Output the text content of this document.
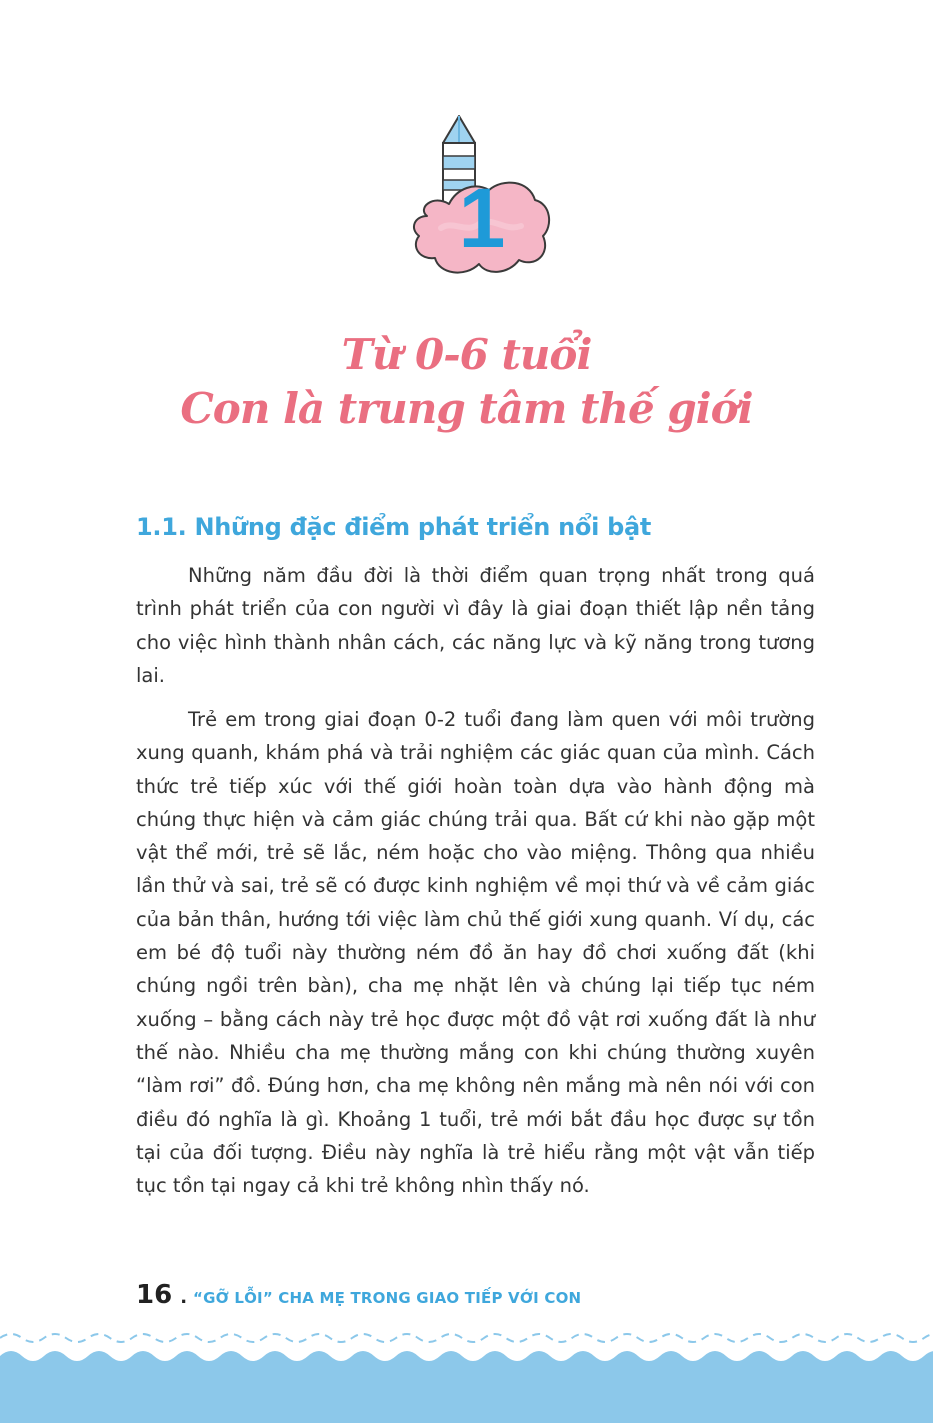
1
Từ 0-6 tuổi
Con là trung tâm thế giới
1.1. Những đặc điểm phát triển nổi bật

Những năm đầu đời là thời điểm quan trọng nhất trong quá trình phát triển của con người vì đây là giai đoạn thiết lập nền tảng cho việc hình thành nhân cách, các năng lực và kỹ năng trong tương lai.

Trẻ em trong giai đoạn 0-2 tuổi đang làm quen với môi trường xung quanh, khám phá và trải nghiệm các giác quan của mình. Cách thức trẻ tiếp xúc với thế giới hoàn toàn dựa vào hành động mà chúng thực hiện và cảm giác chúng trải qua. Bất cứ khi nào gặp một vật thể mới, trẻ sẽ lắc, ném hoặc cho vào miệng. Thông qua nhiều lần thử và sai, trẻ sẽ có được kinh nghiệm về mọi thứ và về cảm giác của bản thân, hướng tới việc làm chủ thế giới xung quanh. Ví dụ, các em bé độ tuổi này thường ném đồ ăn hay đồ chơi xuống đất (khi chúng ngồi trên bàn), cha mẹ nhặt lên và chúng lại tiếp tục ném xuống – bằng cách này trẻ học được một đồ vật rơi xuống đất là như thế nào. Nhiều cha mẹ thường mắng con khi chúng thường xuyên “làm rơi” đồ. Đúng hơn, cha mẹ không nên mắng mà nên nói với con điều đó nghĩa là gì. Khoảng 1 tuổi, trẻ mới bắt đầu học được sự tồn tại của đối tượng. Điều này nghĩa là trẻ hiểu rằng một vật vẫn tiếp tục tồn tại ngay cả khi trẻ không nhìn thấy nó.

16 . “GỠ LỖI” CHA MẸ TRONG GIAO TIẾP VỚI CON
